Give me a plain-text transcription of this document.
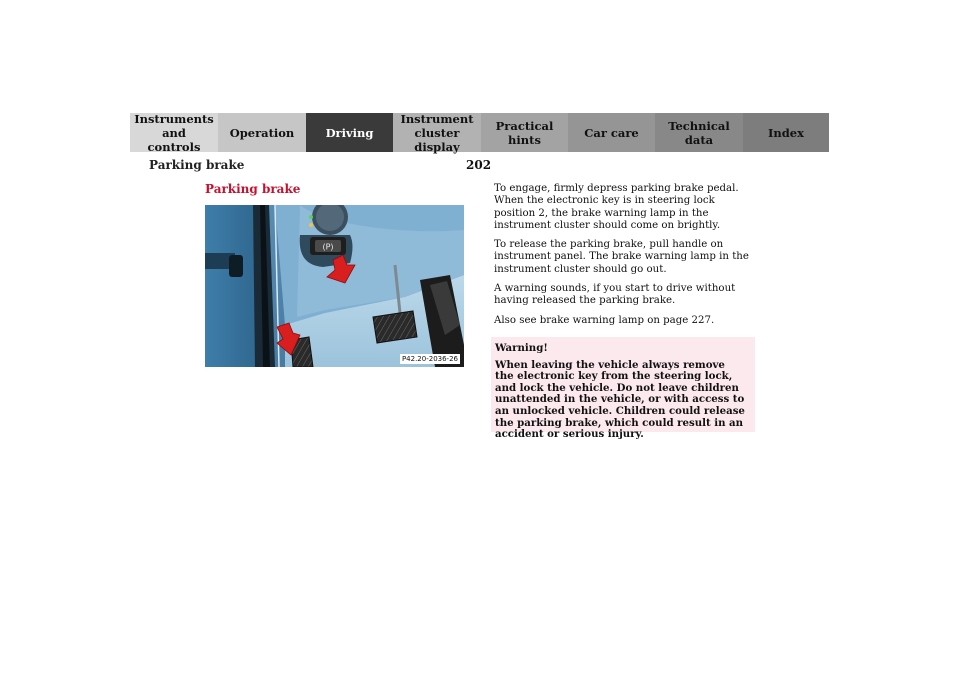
Instruments
and controls
Operation	Driving
Instrument
cluster display
Practical hints	Car care	Technical
data	Index
Parking brake	202
Parking brake
(P)
P42.20-2036-26

To engage, firmly depress parking brake pedal. When the electronic key is in steering lock position 2, the brake warning lamp in the instrument cluster should come on brightly.

To release the parking brake, pull handle on instrument panel. The brake warning lamp in the instrument cluster should go out.

A warning sounds, if you start to drive without having released the parking brake.

Also see brake warning lamp on page 227.

Warning!
When leaving the vehicle always remove the electronic key from the steering lock, and lock the vehicle. Do not leave children unattended in the vehicle, or with access to an unlocked vehicle. Children could release the parking brake, which could result in an accident or serious injury.
